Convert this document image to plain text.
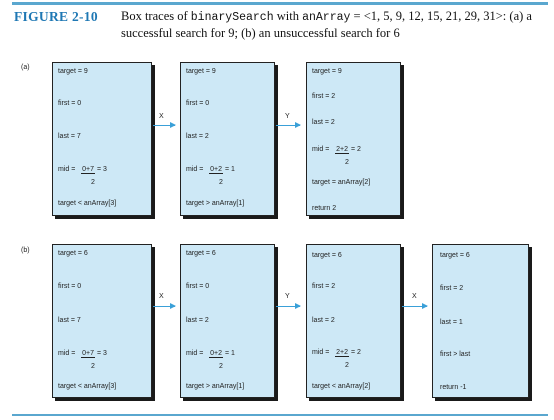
FIGURE 2-10 Box traces of binarySearch with anArray = <1, 5, 9, 12, 15, 21, 29, 31>: (a) a successful search for 9; (b) an unsuccessful search for 6
(a)
target = 9
first = 0
last = 7
mid = 0+7 = 3
2
target < anArray[3]
X
target = 9
first = 0
last = 2
mid = 0+2 = 1
2
target > anArray[1]
Y
target = 9
first = 2
last = 2
mid = 2+2 = 2
2
target = anArray[2]
return 2
(b)	target = 6
first = 0
last = 7
mid = 0+7 = 3
2
target < anArray[3]
X
target = 6
first = 0
last = 2
mid = 0+2 = 1
2
target > anArray[1]
Y
target = 6
first = 2
last = 2
mid = 2+2 = 2
2
target < anArray[2]
X
target = 6
first = 2
last = 1
first > last
return -1
